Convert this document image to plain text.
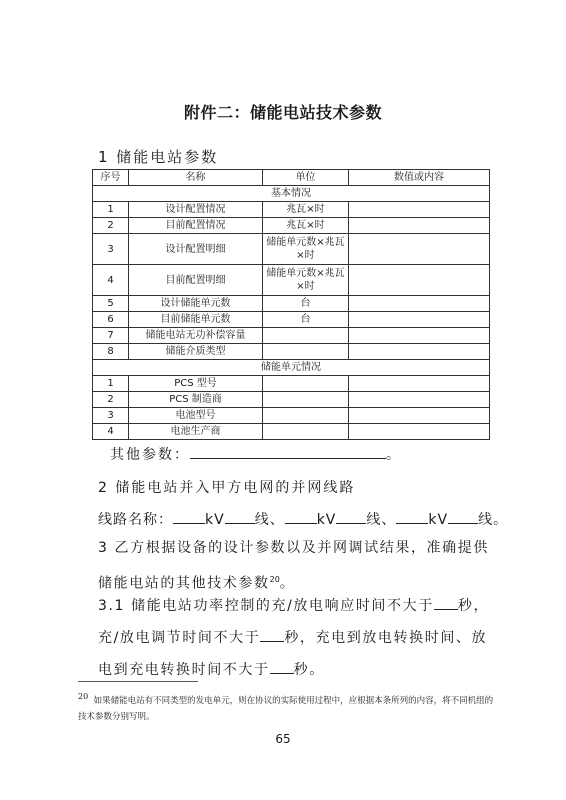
附件二：储能电站技术参数
1 储能电站参数
序号	名称	单位	数值或内容
基本情况			
1	设计配置情况	兆瓦×时	
2	目前配置情况	兆瓦×时	
3	设计配置明细	储能单元数×兆瓦×时	
4	目前配置明细	储能单元数×兆瓦×时	
5	设计储能单元数	台	
6	目前储能单元数	台	
7	储能电站无功补偿容量		
8	储能介质类型		
储能单元情况			
1	PCS 型号		
2	PCS 制造商		
3	电池型号		
4	电池生产商		
其他参数：	。
2 储能电站并入甲方电网的并网线路
线路名称： kV 线、 kV 线、 kV 线。
3 乙方根据设备的设计参数以及并网调试结果，准确提供储能电站的其他技术参数$^{20}$。
3.1 储能电站功率控制的充/放电响应时间不大于 秒，充/放电调节时间不大于 秒，充电到放电转换时间、放电到充电转换时间不大于 秒。
20 如果储能电站有不同类型的发电单元，则在协议的实际使用过程中，应根据本条所列的内容，将不同机组的技术参数分别写明。
65
